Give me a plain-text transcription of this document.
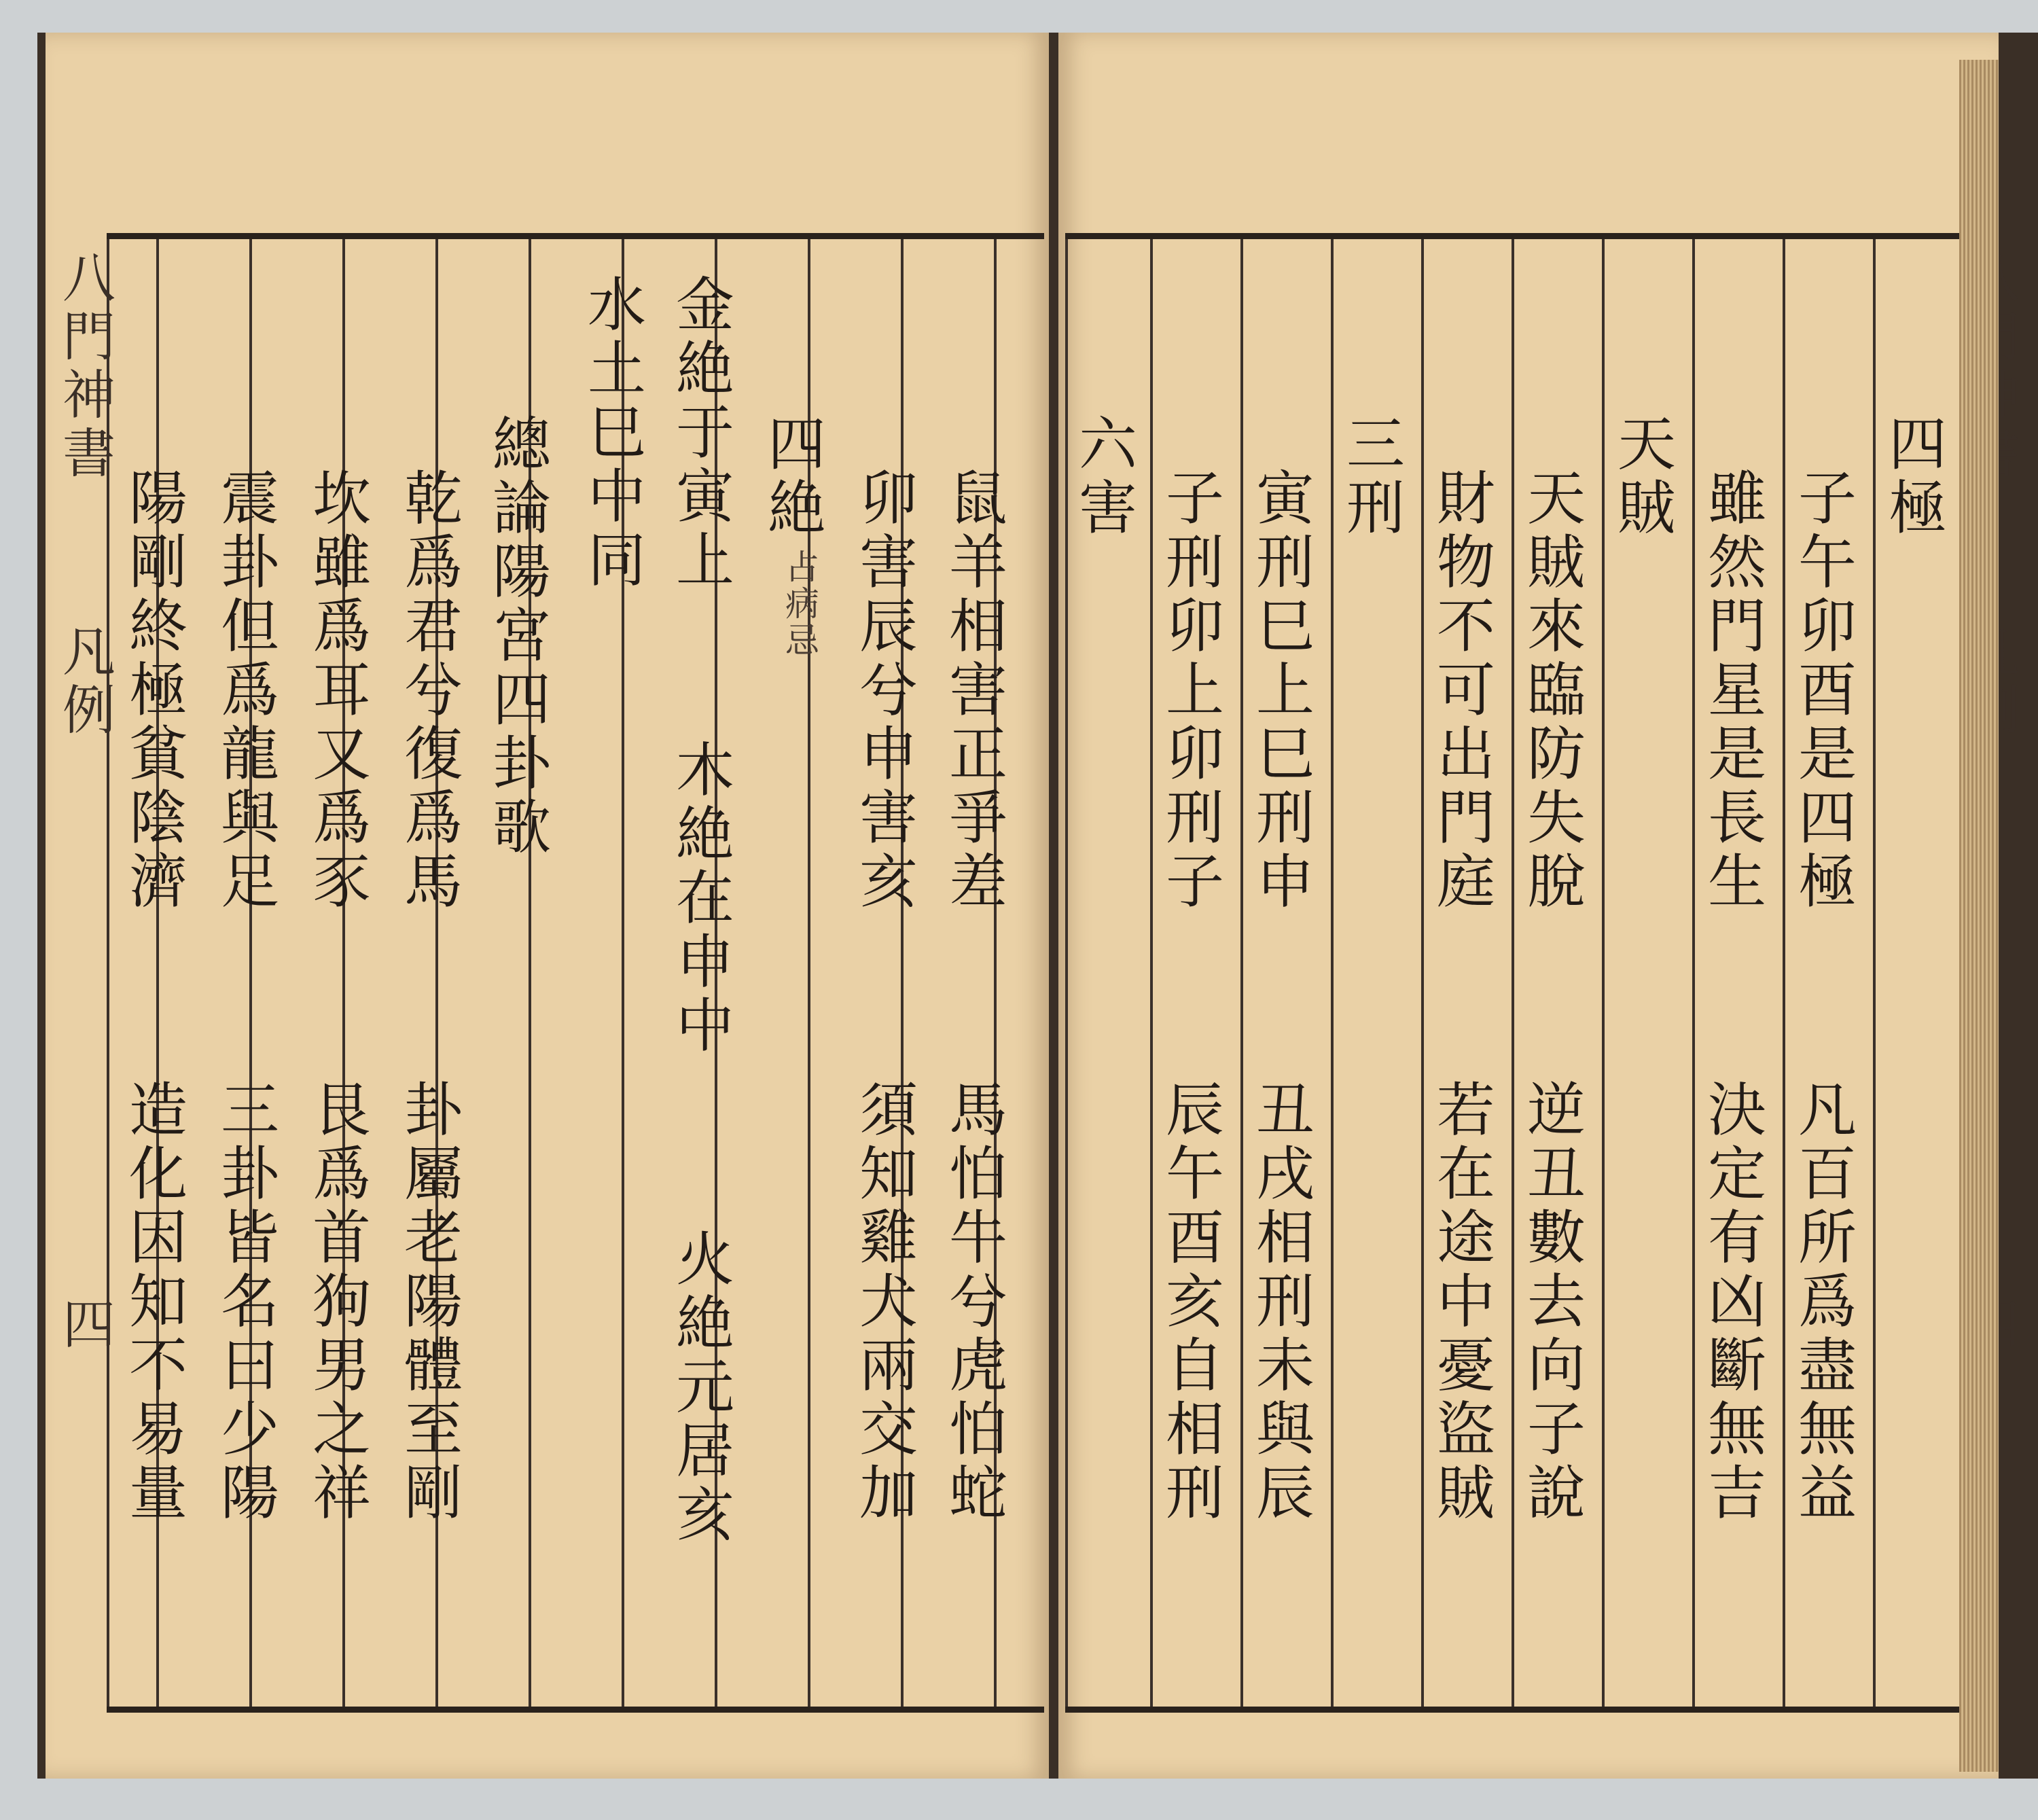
八門神書
凡例
四
鼠羊相害正爭差
馬怕牛兮虎怕蛇
卯害辰兮申害亥
須知雞犬兩交加
四絶
占病忌
金絶于寅上
木絶在申中
火絶元居亥
水土巳中同
總論陽宮四卦歌
乾爲君兮復爲馬
卦屬老陽體至剛
坎雖爲耳又爲豕
艮爲首狗男之祥
震卦但爲龍與足
三卦皆名曰少陽
陽剛終極貧陰濟
造化因知不易量
六害 子刑卯上卯刑子
辰午酉亥自相刑
寅刑巳上巳刑申
丑戌相刑未與辰
三刑 財物不可出門庭
若在途中憂盜賊
天賊來臨防失脫
逆丑數去向子說
天賊 雖然門星是長生
決定有凶斷無吉
子午卯酉是四極
凡百所爲盡無益
四極
